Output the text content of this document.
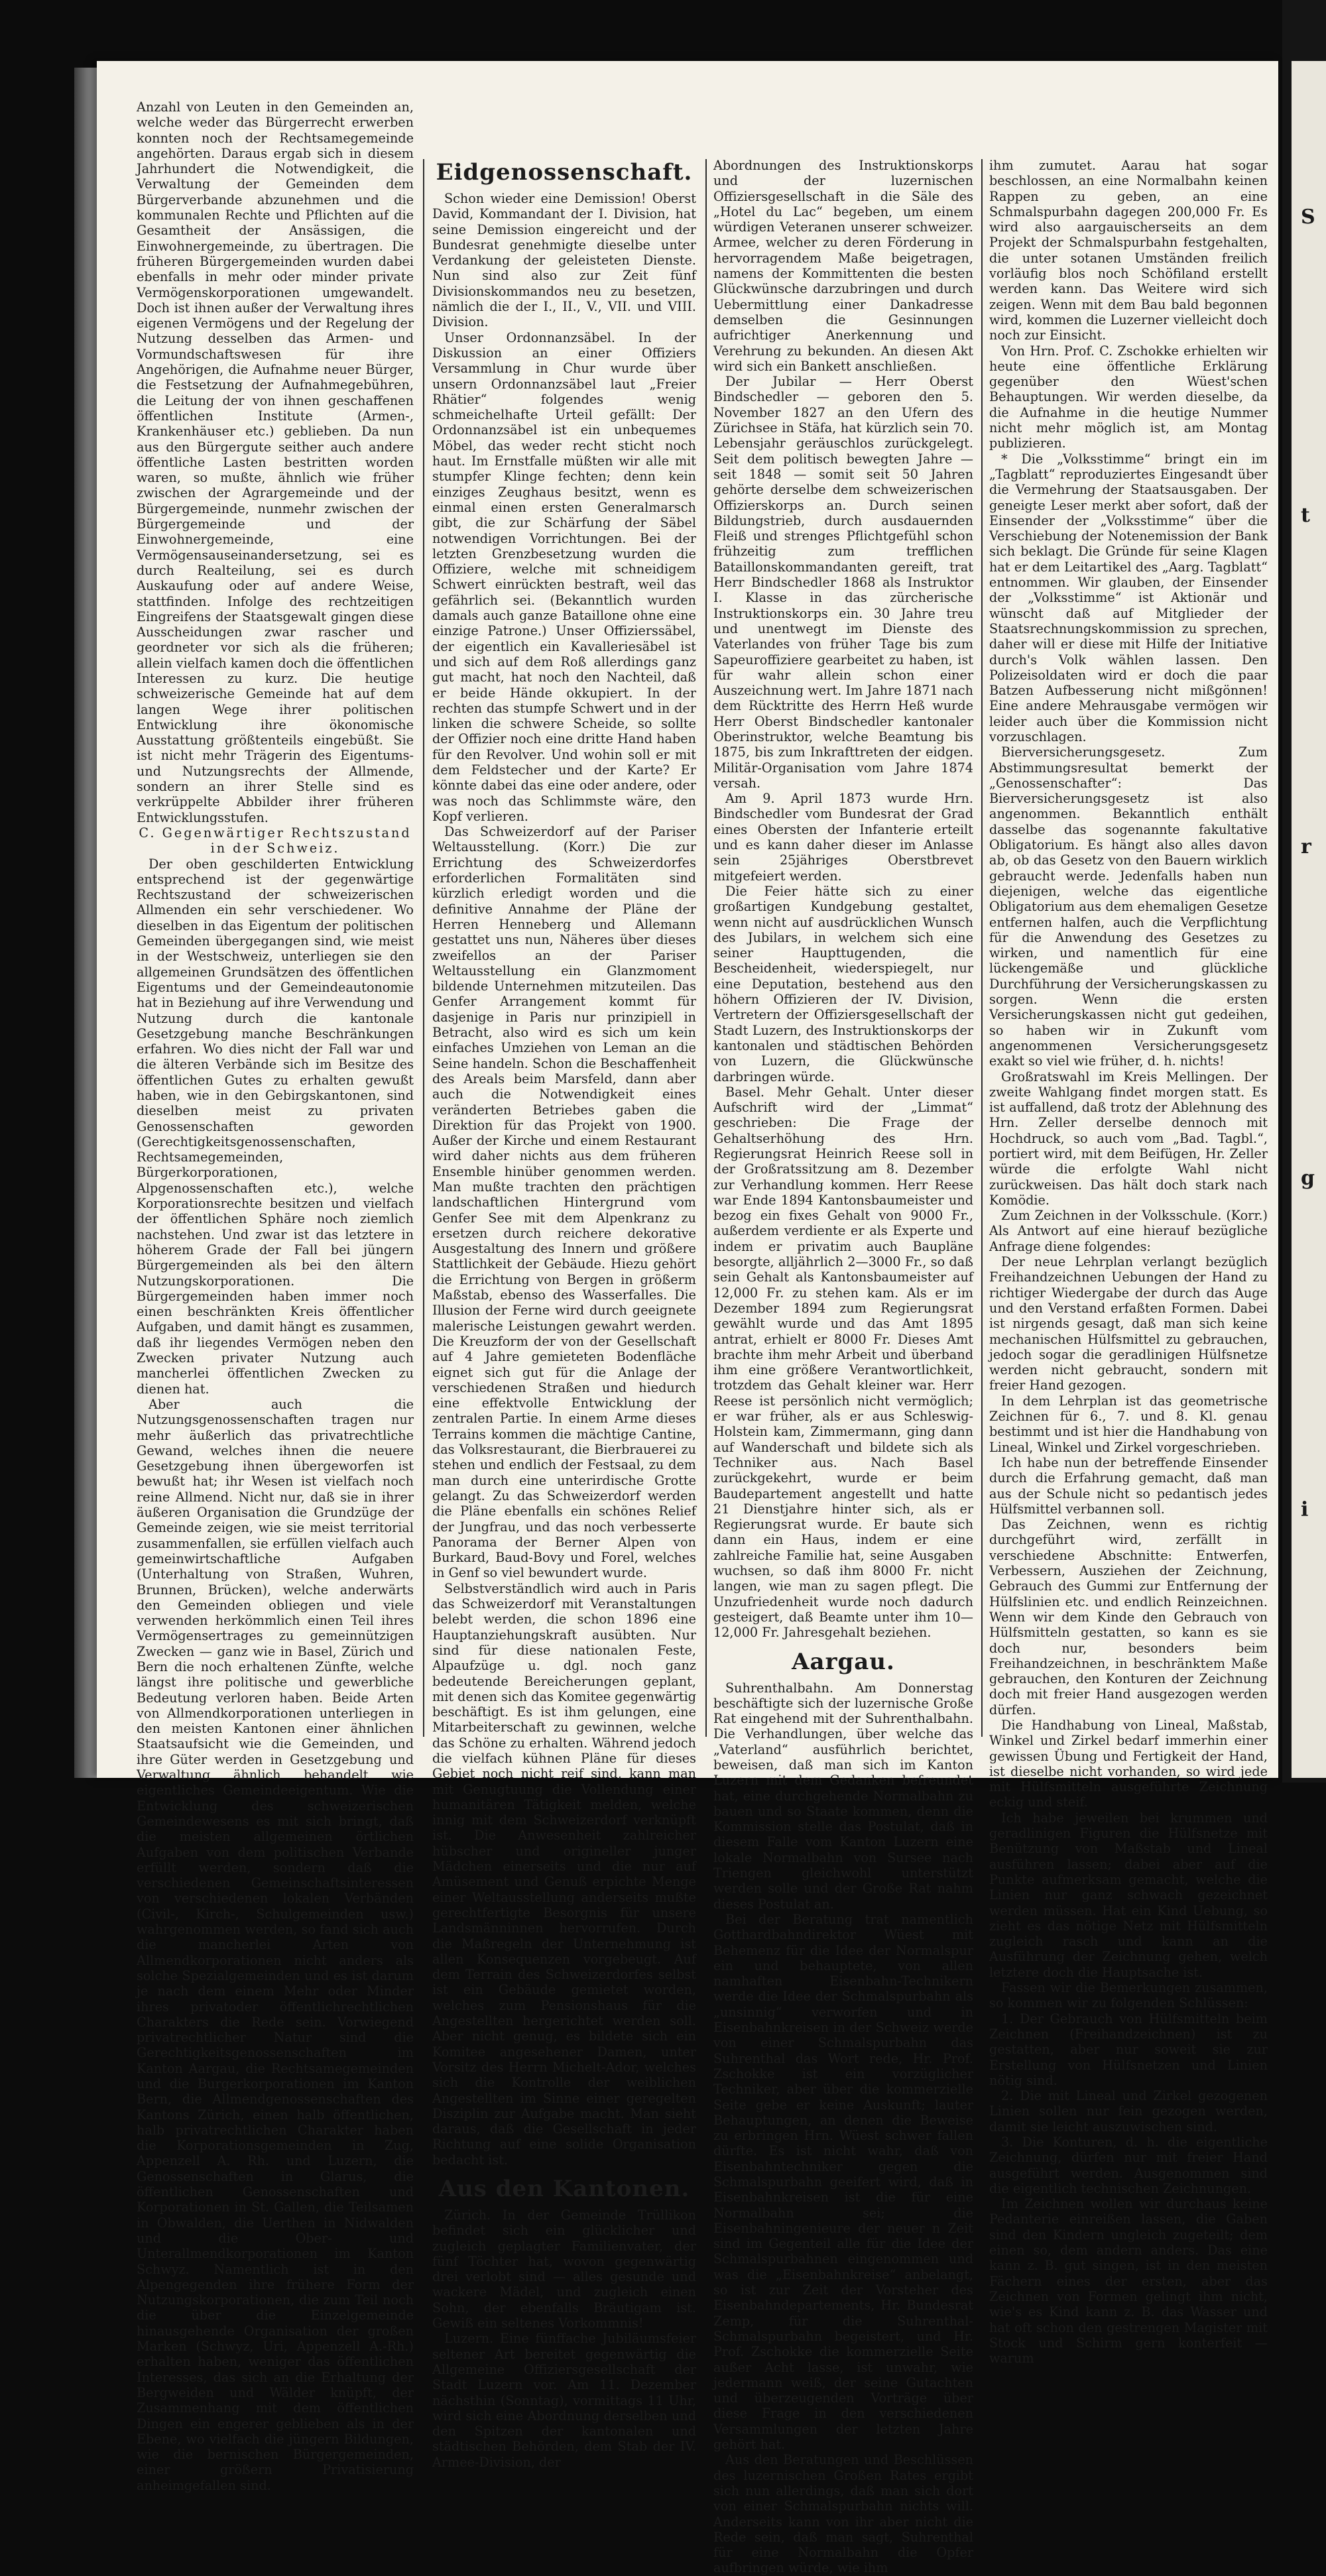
S
t
r
g
i

Anzahl von Leuten in den Gemeinden an, welche weder das Bürgerrecht erwerben konnten noch der Rechtsamegemeinde angehörten. Daraus ergab sich in diesem Jahrhundert die Notwendigkeit, die Verwaltung der Gemeinden dem Bürgerverbande abzunehmen und die kommunalen Rechte und Pflichten auf die Gesamtheit der Ansässigen, die Einwohnergemeinde, zu übertragen. Die früheren Bürgergemeinden wurden dabei ebenfalls in mehr oder minder private Vermögenskorporationen umgewandelt. Doch ist ihnen außer der Verwaltung ihres eigenen Vermögens und der Regelung der Nutzung desselben das Armen- und Vormundschaftswesen für ihre Angehörigen, die Aufnahme neuer Bürger, die Festsetzung der Aufnahmegebühren, die Leitung der von ihnen geschaffenen öffentlichen Institute (Armen-, Krankenhäuser etc.) geblieben. Da nun aus den Bürgergute seither auch andere öffentliche Lasten bestritten worden waren, so mußte, ähnlich wie früher zwischen der Agrargemeinde und der Bürgergemeinde, nunmehr zwischen der Bürgergemeinde und der Einwohnergemeinde, eine Vermögensauseinandersetzung, sei es durch Realteilung, sei es durch Auskaufung oder auf andere Weise, stattfinden. Infolge des rechtzeitigen Eingreifens der Staatsgewalt gingen diese Ausscheidungen zwar rascher und geordneter vor sich als die früheren; allein vielfach kamen doch die öffentlichen Interessen zu kurz. Die heutige schweizerische Gemeinde hat auf dem langen Wege ihrer politischen Entwicklung ihre ökonomische Ausstattung größtenteils eingebüßt. Sie ist nicht mehr Trägerin des Eigentums- und Nutzungsrechts der Allmende, sondern an ihrer Stelle sind es verkrüppelte Abbilder ihrer früheren Entwicklungsstufen.

C. Gegenwärtiger Rechtszustand in der Schweiz.

Der oben geschilderten Entwicklung entsprechend ist der gegenwärtige Rechtszustand der schweizerischen Allmenden ein sehr verschiedener. Wo dieselben in das Eigentum der politischen Gemeinden übergegangen sind, wie meist in der Westschweiz, unterliegen sie den allgemeinen Grundsätzen des öffentlichen Eigentums und der Gemeindeautonomie hat in Beziehung auf ihre Verwendung und Nutzung durch die kantonale Gesetzgebung manche Beschränkungen erfahren. Wo dies nicht der Fall war und die älteren Verbände sich im Besitze des öffentlichen Gutes zu erhalten gewußt haben, wie in den Gebirgskantonen, sind dieselben meist zu privaten Genossenschaften geworden (Gerechtigkeitsgenossenschaften, Rechtsamegemeinden, Bürgerkorporationen, Alpgenossenschaften etc.), welche Korporationsrechte besitzen und vielfach der öffentlichen Sphäre noch ziemlich nachstehen. Und zwar ist das letztere in höherem Grade der Fall bei jüngern Bürgergemeinden als bei den ältern Nutzungskorporationen. Die Bürgergemeinden haben immer noch einen beschränkten Kreis öffentlicher Aufgaben, und damit hängt es zusammen, daß ihr liegendes Vermögen neben den Zwecken privater Nutzung auch mancherlei öffentlichen Zwecken zu dienen hat.

Aber auch die Nutzungsgenossenschaften tragen nur mehr äußerlich das privatrechtliche Gewand, welches ihnen die neuere Gesetzgebung ihnen übergeworfen ist bewußt hat; ihr Wesen ist vielfach noch reine Allmend. Nicht nur, daß sie in ihrer äußeren Organisation die Grundzüge der Gemeinde zeigen, wie sie meist territorial zusammenfallen, sie erfüllen vielfach auch gemeinwirtschaftliche Aufgaben (Unterhaltung von Straßen, Wuhren, Brunnen, Brücken), welche anderwärts den Gemeinden obliegen und viele verwenden herkömmlich einen Teil ihres Vermögensertrages zu gemeinnützigen Zwecken — ganz wie in Basel, Zürich und Bern die noch erhaltenen Zünfte, welche längst ihre politische und gewerbliche Bedeutung verloren haben. Beide Arten von Allmendkorporationen unterliegen in den meisten Kantonen einer ähnlichen Staatsaufsicht wie die Gemeinden, und ihre Güter werden in Gesetzgebung und Verwaltung ähnlich behandelt wie eigentliches Gemeindeeigentum. Wie die Entwicklung des schweizerischen Gemeindewesens es mit sich bringt, daß die meisten allgemeinen örtlichen Aufgaben von dem politischen Verbande erfüllt werden, sondern daß die verschiedenen Gemeinschaftsinteressen von verschiedenen lokalen Verbänden (Civil-, Kirch-, Schulgemeinden usw.) wahrgenommen werden, so fand sich auch die mancherlei Arten von Allmendkorporationen nicht anders als solche Spezialgemeinden und es ist darum je nach dem einem Mehr oder Minder ihres privatoder öffentlichrechtlichen Charakters die Rede sein. Vorwiegend privatrechtlicher Natur sind die Gerechtigkeitsgenossenschaften im Kanton Aargau, die Rechtsamegemeinden und die Burgerkorporationen im Kanton Bern, die Allmendgenossenschaften des Kantons Zürich, einen halb öffentlichen, halb privatrechtlichen Charakter haben die Korporationsgemeinden in Zug, Appenzell A. Rh. und Luzern, die Genossenschaften in Glarus, die öffentlichen Genossenschaften und Korporationen in St. Gallen, die Teilsamen in Obwalden, die Uerthen in Nidwalden und die Ober- und Unterallmendkorporationen im Kanton Schwyz. Namentlich ist in den Alpengegenden ihre frühere Form der Nutzungskorporationen, die zum Teil noch die über die Einzelgemeinde hinausgehende Organisation der großen Marken (Schwyz, Uri, Appenzell A.-Rh.) erhalten haben, weniger das öffentlichen Interesses, das sich an die Erhaltung der Bergweiden und Wälder knüpft, der Zusammenhang mit dem öffentlichen Dingen ein engerer geblieben als in der Ebene, wo vielfach die jüngern Bildungen, wie die bernischen Bürgergemeinden, einer größern Privatisierung anheimgefallen sind.

Eidgenossenschaft.

Schon wieder eine Demission! Oberst David, Kommandant der I. Division, hat seine Demission eingereicht und der Bundesrat genehmigte dieselbe unter Verdankung der geleisteten Dienste. Nun sind also zur Zeit fünf Divisionskommandos neu zu besetzen, nämlich die der I., II., V., VII. und VIII. Division.

Unser Ordonnanzsäbel. In der Diskussion an einer Offiziers Versammlung in Chur wurde über unsern Ordonnanzsäbel laut „Freier Rhätier“ folgendes wenig schmeichelhafte Urteil gefällt: Der Ordonnanzsäbel ist ein unbequemes Möbel, das weder recht sticht noch haut. Im Ernstfalle müßten wir alle mit stumpfer Klinge fechten; denn kein einziges Zeughaus besitzt, wenn es einmal einen ersten Generalmarsch gibt, die zur Schärfung der Säbel notwendigen Vorrichtungen. Bei der letzten Grenzbesetzung wurden die Offiziere, welche mit schneidigem Schwert einrückten bestraft, weil das gefährlich sei. (Bekanntlich wurden damals auch ganze Bataillone ohne eine einzige Patrone.) Unser Offizierssäbel, der eigentlich ein Kavalleriesäbel ist und sich auf dem Roß allerdings ganz gut macht, hat noch den Nachteil, daß er beide Hände okkupiert. In der rechten das stumpfe Schwert und in der linken die schwere Scheide, so sollte der Offizier noch eine dritte Hand haben für den Revolver. Und wohin soll er mit dem Feldstecher und der Karte? Er könnte dabei das eine oder andere, oder was noch das Schlimmste wäre, den Kopf verlieren.

Das Schweizerdorf auf der Pariser Weltausstellung. (Korr.) Die zur Errichtung des Schweizerdorfes erforderlichen Formalitäten sind kürzlich erledigt worden und die definitive Annahme der Pläne der Herren Henneberg und Allemann gestattet uns nun, Näheres über dieses zweifellos an der Pariser Weltausstellung ein Glanzmoment bildende Unternehmen mitzuteilen. Das Genfer Arrangement kommt für dasjenige in Paris nur prinzipiell in Betracht, also wird es sich um kein einfaches Umziehen von Leman an die Seine handeln. Schon die Beschaffenheit des Areals beim Marsfeld, dann aber auch die Notwendigkeit eines veränderten Betriebes gaben die Direktion für das Projekt von 1900. Außer der Kirche und einem Restaurant wird daher nichts aus dem früheren Ensemble hinüber genommen werden. Man mußte trachten den prächtigen landschaftlichen Hintergrund vom Genfer See mit dem Alpenkranz zu ersetzen durch reichere dekorative Ausgestaltung des Innern und größere Stattlichkeit der Gebäude. Hiezu gehört die Errichtung von Bergen in größerm Maßstab, ebenso des Wasserfalles. Die Illusion der Ferne wird durch geeignete malerische Leistungen gewahrt werden. Die Kreuzform der von der Gesellschaft auf 4 Jahre gemieteten Bodenfläche eignet sich gut für die Anlage der verschiedenen Straßen und hiedurch eine effektvolle Entwicklung der zentralen Partie. In einem Arme dieses Terrains kommen die mächtige Cantine, das Volksrestaurant, die Bierbrauerei zu stehen und endlich der Festsaal, zu dem man durch eine unterirdische Grotte gelangt. Zu das Schweizerdorf werden die Pläne ebenfalls ein schönes Relief der Jungfrau, und das noch verbesserte Panorama der Berner Alpen von Burkard, Baud-Bovy und Forel, welches in Genf so viel bewundert wurde.

Selbstverständlich wird auch in Paris das Schweizerdorf mit Veranstaltungen belebt werden, die schon 1896 eine Hauptanziehungskraft ausübten. Nur sind für diese nationalen Feste, Alpaufzüge u. dgl. noch ganz bedeutende Bereicherungen geplant, mit denen sich das Komitee gegenwärtig beschäftigt. Es ist ihm gelungen, eine Mitarbeiterschaft zu gewinnen, welche das Schöne zu erhalten. Während jedoch die vielfach kühnen Pläne für dieses Gebiet noch nicht reif sind, kann man mit Genugtuung die Vollendung einer humanitären Tätigkeit melden, welche innig mit dem Schweizerdorf verknüpft ist. Die Anwesenheit zahlreicher hübscher und origineller junger Mädchen einerseits und die nur auf Amüsement und Genuß erpichte Menge einer Weltausstellung anderseits mußte gerechtfertigte Besorgnis für unsere Landsmänninnen hervorrufen. Durch die Maßregeln der Unternehmung ist allen Konsequenzen vorgebeugt. Auf dem Terrain des Schweizerdorfes selbst ist ein Gebäude gemietet worden, welches zum Pensionshaus für die Angestellten hergerichtet werden soll. Aber nicht genug, es bildete sich ein Komitee angesehener Damen, unter Vorsitz des Herrn Michelt-Ador, welches sich die Kontrolle der weiblichen Angestellten im Sinne einer geregelten Disziplin zur Aufgabe macht. Man sieht daraus, daß die Gesellschaft in jeder Richtung auf eine solide Organisation bedacht ist.

Aus den Kantonen.

Zürich. In der Gemeinde Trüllikon befindet sich ein glücklicher und zugleich geplagter Familienvater, der fünf Töchter hat, wovon gegenwärtig drei verlobt sind — alles gesunde und wackere Mädel, und zugleich einen Sohn, der ebenfalls Bräutigam ist. Gewiß ein seltenes Vorkommnis!

Luzern. Eine fünffache Jubiläumsfeier seltener Art bereitet gegenwärtig die Allgemeine Offiziersgesellschaft der Stadt Luzern vor. Am 11. Dezember nächsthin (Sonntag), vormittags 11 Uhr, wird sich eine Abordnung derselben und den Spitzen der kantonalen und städtischen Behörden, dem Stab der IV. Armee-Division, der

Abordnungen des Instruktionskorps und der luzernischen Offiziersgesellschaft in die Säle des „Hotel du Lac“ begeben, um einem würdigen Veteranen unserer schweizer. Armee, welcher zu deren Förderung in hervorragendem Maße beigetragen, namens der Kommittenten die besten Glückwünsche darzubringen und durch Uebermittlung einer Dankadresse demselben die Gesinnungen aufrichtiger Anerkennung und Verehrung zu bekunden. An diesen Akt wird sich ein Bankett anschließen.

Der Jubilar — Herr Oberst Bindschedler — geboren den 5. November 1827 an den Ufern des Zürichsee in Stäfa, hat kürzlich sein 70. Lebensjahr geräuschlos zurückgelegt. Seit dem politisch bewegten Jahre — seit 1848 — somit seit 50 Jahren gehörte derselbe dem schweizerischen Offizierskorps an. Durch seinen Bildungstrieb, durch ausdauernden Fleiß und strenges Pflichtgefühl schon frühzeitig zum trefflichen Bataillonskommandanten gereift, trat Herr Bindschedler 1868 als Instruktor I. Klasse in das zürcherische Instruktionskorps ein. 30 Jahre treu und unentwegt im Dienste des Vaterlandes von früher Tage bis zum Sapeuroffiziere gearbeitet zu haben, ist für wahr allein schon einer Auszeichnung wert. Im Jahre 1871 nach dem Rücktritte des Herrn Heß wurde Herr Oberst Bindschedler kantonaler Oberinstruktor, welche Beamtung bis 1875, bis zum Inkrafttreten der eidgen. Militär-Organisation vom Jahre 1874 versah.

Am 9. April 1873 wurde Hrn. Bindschedler vom Bundesrat der Grad eines Obersten der Infanterie erteilt und es kann daher dieser im Anlasse sein 25jähriges Oberstbrevet mitgefeiert werden.

Die Feier hätte sich zu einer großartigen Kundgebung gestaltet, wenn nicht auf ausdrücklichen Wunsch des Jubilars, in welchem sich eine seiner Haupttugenden, die Bescheidenheit, wiederspiegelt, nur eine Deputation, bestehend aus den höhern Offizieren der IV. Division, Vertretern der Offiziersgesellschaft der Stadt Luzern, des Instruktionskorps der kantonalen und städtischen Behörden von Luzern, die Glückwünsche darbringen würde.

Basel. Mehr Gehalt. Unter dieser Aufschrift wird der „Limmat“ geschrieben: Die Frage der Gehaltserhöhung des Hrn. Regierungsrat Heinrich Reese soll in der Großratssitzung am 8. Dezember zur Verhandlung kommen. Herr Reese war Ende 1894 Kantonsbaumeister und bezog ein fixes Gehalt von 9000 Fr., außerdem verdiente er als Experte und indem er privatim auch Baupläne besorgte, alljährlich 2—3000 Fr., so daß sein Gehalt als Kantonsbaumeister auf 12,000 Fr. zu stehen kam. Als er im Dezember 1894 zum Regierungsrat gewählt wurde und das Amt 1895 antrat, erhielt er 8000 Fr. Dieses Amt brachte ihm mehr Arbeit und überband ihm eine größere Verantwortlichkeit, trotzdem das Gehalt kleiner war. Herr Reese ist persönlich nicht vermöglich; er war früher, als er aus Schleswig-Holstein kam, Zimmermann, ging dann auf Wanderschaft und bildete sich als Techniker aus. Nach Basel zurückgekehrt, wurde er beim Baudepartement angestellt und hatte 21 Dienstjahre hinter sich, als er Regierungsrat wurde. Er baute sich dann ein Haus, indem er eine zahlreiche Familie hat, seine Ausgaben wuchsen, so daß ihm 8000 Fr. nicht langen, wie man zu sagen pflegt. Die Unzufriedenheit wurde noch dadurch gesteigert, daß Beamte unter ihm 10—12,000 Fr. Jahresgehalt beziehen.

Aargau.

Suhrenthalbahn. Am Donnerstag beschäftigte sich der luzernische Große Rat eingehend mit der Suhrenthalbahn. Die Verhandlungen, über welche das „Vaterland“ ausführlich berichtet, beweisen, daß man sich im Kanton Luzern mit dem Gedanken befreundet hat, eine durchgehende Normalbahn zu bauen und so Staate kommen, denn die Kommission stelle das Postulat, daß in diesem Falle vom Kanton Luzern eine lokale Normalbahn von Sursee nach Triengen gleichwohl unterstützt werden solle und der Große Rat nahm dieses Postulat an.

Bei der Beratung trat namentlich Gotthardbahndirektor Wüest mit Behemenz für die Idee der Normalspur ein und behauptete, von allen namhaften Eisenbahn-Technikern werde die Idee der Schmalspurbahn als „unsinnig“ verworfen und in Eisenbahnkreisen in der Schweiz werde von einer Schmalspurbahn das Suhrenthal das Wort rede, Hr. Prof. Zschokke ist ein vorzüglicher Techniker, aber über die kommerzielle Seite gebe er keine Auskunft; lauter Behauptungen, an denen die Beweise zu erbringen Hrn. Wüest schwer fallen dürfte. Es ist nicht wahr, daß von Eisenbahntechniker gegen die Schmalspurbahn geeifert wird, daß in Eisenbahnkreisen ist die für eine Normalbahn sei; die Eisenbahningenieure der neuer n Zeit sind im Gegenteil alle für die Idee der Schmalspurbahnen eingenommen und was die „Eisenbahnkreise“ anbelangt, so ist zur Zeit der Vorsteher des Eisenbahndepartements, Hr. Bundesrat Zemp, für die Suhrenthal-Schmalspurbahn begeistert, und Hr. Prof. Zschokke die kommerzielle Seite außer Acht lasse, ist unwahr, wie jedermann weiß, der seine Gutachten und überzeugenden Vorträge über diese Frage in den verschiedenen Versammlungen der letzten Jahre gehört hat.

Aus den Beratungen und Beschlüssen des luzernischen Großen Rates ergibt sich nun allerdings, daß man sich dort von einer Schmalspurbahn nichts will. Anderseits kann von ihr aber nicht die Rede sein, daß man sagt, Suhrenthal für eine Normalbahn die Opfer aufbringen würde, wie ihm

ihm zumutet. Aarau hat sogar beschlossen, an eine Normalbahn keinen Rappen zu geben, an eine Schmalspurbahn dagegen 200,000 Fr. Es wird also aargauischerseits an dem Projekt der Schmalspurbahn festgehalten, die unter sotanen Umständen freilich vorläufig blos noch Schöfiland erstellt werden kann. Das Weitere wird sich zeigen. Wenn mit dem Bau bald begonnen wird, kommen die Luzerner vielleicht doch noch zur Einsicht.

Von Hrn. Prof. C. Zschokke erhielten wir heute eine öffentliche Erklärung gegenüber den Wüest'schen Behauptungen. Wir werden dieselbe, da die Aufnahme in die heutige Nummer nicht mehr möglich ist, am Montag publizieren.

* Die „Volksstimme“ bringt ein im „Tagblatt“ reproduziertes Eingesandt über die Vermehrung der Staatsausgaben. Der geneigte Leser merkt aber sofort, daß der Einsender der „Volksstimme“ über die Verschiebung der Notenemission der Bank sich beklagt. Die Gründe für seine Klagen hat er dem Leitartikel des „Aarg. Tagblatt“ entnommen. Wir glauben, der Einsender der „Volksstimme“ ist Aktionär und wünscht daß auf Mitglieder der Staatsrechnungskommission zu sprechen, daher will er diese mit Hilfe der Initiative durch's Volk wählen lassen. Den Polizeisoldaten wird er doch die paar Batzen Aufbesserung nicht mißgönnen! Eine andere Mehrausgabe vermögen wir leider auch über die Kommission nicht vorzuschlagen.

Bierversicherungsgesetz. Zum Abstimmungsresultat bemerkt der „Genossenschafter“: Das Bierversicherungsgesetz ist also angenommen. Bekanntlich enthält dasselbe das sogenannte fakultative Obligatorium. Es hängt also alles davon ab, ob das Gesetz von den Bauern wirklich gebraucht werde. Jedenfalls haben nun diejenigen, welche das eigentliche Obligatorium aus dem ehemaligen Gesetze entfernen halfen, auch die Verpflichtung für die Anwendung des Gesetzes zu wirken, und namentlich für eine lückengemäße und glückliche Durchführung der Versicherungskassen zu sorgen. Wenn die ersten Versicherungskassen nicht gut gedeihen, so haben wir in Zukunft vom angenommenen Versicherungsgesetz exakt so viel wie früher, d. h. nichts!

Großratswahl im Kreis Mellingen. Der zweite Wahlgang findet morgen statt. Es ist auffallend, daß trotz der Ablehnung des Hrn. Zeller derselbe dennoch mit Hochdruck, so auch vom „Bad. Tagbl.“, portiert wird, mit dem Beifügen, Hr. Zeller würde die erfolgte Wahl nicht zurückweisen. Das hält doch stark nach Komödie.

Zum Zeichnen in der Volksschule. (Korr.) Als Antwort auf eine hierauf bezügliche Anfrage diene folgendes:

Der neue Lehrplan verlangt bezüglich Freihandzeichnen Uebungen der Hand zu richtiger Wiedergabe der durch das Auge und den Verstand erfaßten Formen. Dabei ist nirgends gesagt, daß man sich keine mechanischen Hülfsmittel zu gebrauchen, jedoch sogar die geradlinigen Hülfsnetze werden nicht gebraucht, sondern mit freier Hand gezogen.

In dem Lehrplan ist das geometrische Zeichnen für 6., 7. und 8. Kl. genau bestimmt und ist hier die Handhabung von Lineal, Winkel und Zirkel vorgeschrieben.

Ich habe nun der betreffende Einsender durch die Erfahrung gemacht, daß man aus der Schule nicht so pedantisch jedes Hülfsmittel verbannen soll.

Das Zeichnen, wenn es richtig durchgeführt wird, zerfällt in verschiedene Abschnitte: Entwerfen, Verbessern, Ausziehen der Zeichnung, Gebrauch des Gummi zur Entfernung der Hülfslinien etc. und endlich Reinzeichnen. Wenn wir dem Kinde den Gebrauch von Hülfsmitteln gestatten, so kann es sie doch nur, besonders beim Freihandzeichnen, in beschränktem Maße gebrauchen, den Konturen der Zeichnung doch mit freier Hand ausgezogen werden dürfen.

Die Handhabung von Lineal, Maßstab, Winkel und Zirkel bedarf immerhin einer gewissen Übung und Fertigkeit der Hand, ist dieselbe nicht vorhanden, so wird jede mit Hülfsmitteln ausgeführte Zeichnung eckig und steif.

Ich habe jeweilen bei krummen und geradlinigen Figuren die Hülfsnetze mit Benützung von Maßstab und Lineal ausführen lassen; dabei aber auf die Punkte aufmerksam gemacht, welche die Linien nur ganz schwach gezeichnet werden müssen. Hat ein Kind Uebung, so zieht es das nötige Netz mit Hülfsmitteln zugleich rasch und kann an die Ausführung der Zeichnung gehen, welch letztere doch die Hauptsache ist.

Fassen wir die Bemerkungen zusammen, so kommen wir zu folgenden Schlüssen:

1. Der Gebrauch von Hülfsmitteln beim Zeichnen (Freihandzeichnen) ist zu gestatten, aber nur soweit sie zur Erstellung von Hülfsnetzen und Linien nötig sind.

2. Die mit Lineal und Zirkel gezogenen Linien sollen nur fein gezogen werden, damit sie leicht auszuwischen sind.

3. Die Konturen, d. h. die eigentliche Zeichnung, dürfen nur mit freier Hand ausgeführt werden. Ausgenommen sind die eigentlich technischen Zeichnungen.

Im Zeichnen wollen wir durchaus keine Pedanterie einreißen lassen, die Gaben sind den Kindern ungleich zugeteilt; dem einen so, dem andern anders. Das eine kann z. B. gut singen, ist in den meisten Fächern eines der ersten, aber das Zeichnen von Formen gelingt ihm nicht, wie's es Kind kann z. B. das Wasser und hat oft schon den gestrengen Magister mit Stock und Schirm gern konterfeit — warum
